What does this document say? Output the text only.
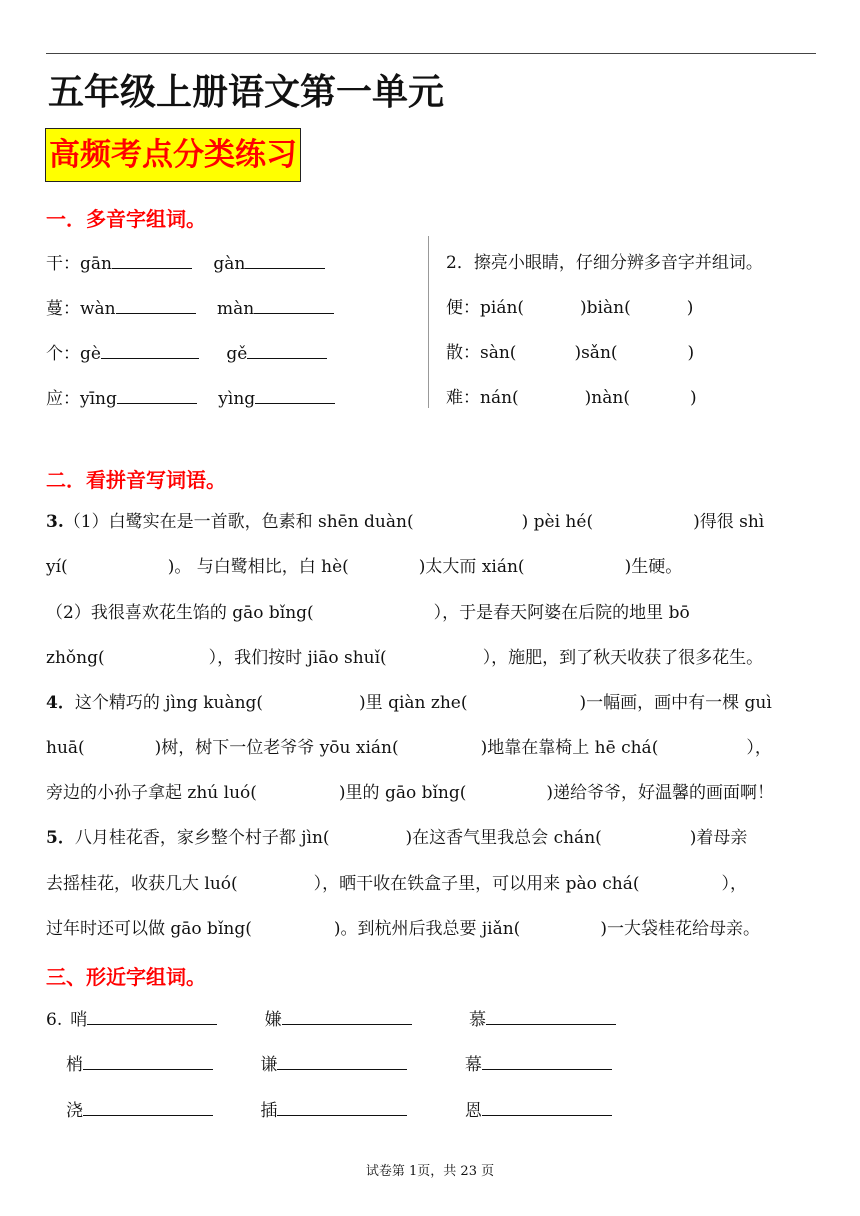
五年级上册语文第一单元
高频考点分类练习
一．多音字组词。
干：gān	gàn
蔓：wàn	màn
个：gè	gě
应：yīng	yìng
2．擦亮小眼睛，仔细分辨多音字并组词。
便：pián(	)biàn(	)
散：sàn(	)sǎn(	)
难：nán(	)nàn(	)
二．看拼音写词语。
3.（1）白鹭实在是一首歌，色素和 shēn duàn(	) pèi hé(	)得很 shì
yí(	)。 与白鹭相比，白 hè(	)太大而 xián(	)生硬。
（2）我很喜欢花生馅的 gāo bǐng(	），于是春天阿婆在后院的地里 bō
zhǒng(	），我们按时 jiāo shuǐ(	），施肥，到了秋天收获了很多花生。
4．这个精巧的 jìng kuàng(	)里 qiàn zhe(	)一幅画，画中有一棵 guì
huā(	)树，树下一位老爷爷 yōu xián(	)地靠在靠椅上 hē chá(	），
旁边的小孙子拿起 zhú luó(	)里的 gāo bǐng(	)递给爷爷，好温馨的画面啊！
5．八月桂花香，家乡整个村子都 jìn(	)在这香气里我总会 chán(	)着母亲
去摇桂花，收获几大 luó(	），晒干收在铁盒子里，可以用来 pào chá(	），
过年时还可以做 gāo bǐng(	)。到杭州后我总要 jiǎn(	)一大袋桂花给母亲。
三、形近字组词。
6. 哨	嫌	慕
梢	谦	幕
浇	插	恩
试卷第 1页，共 23 页
